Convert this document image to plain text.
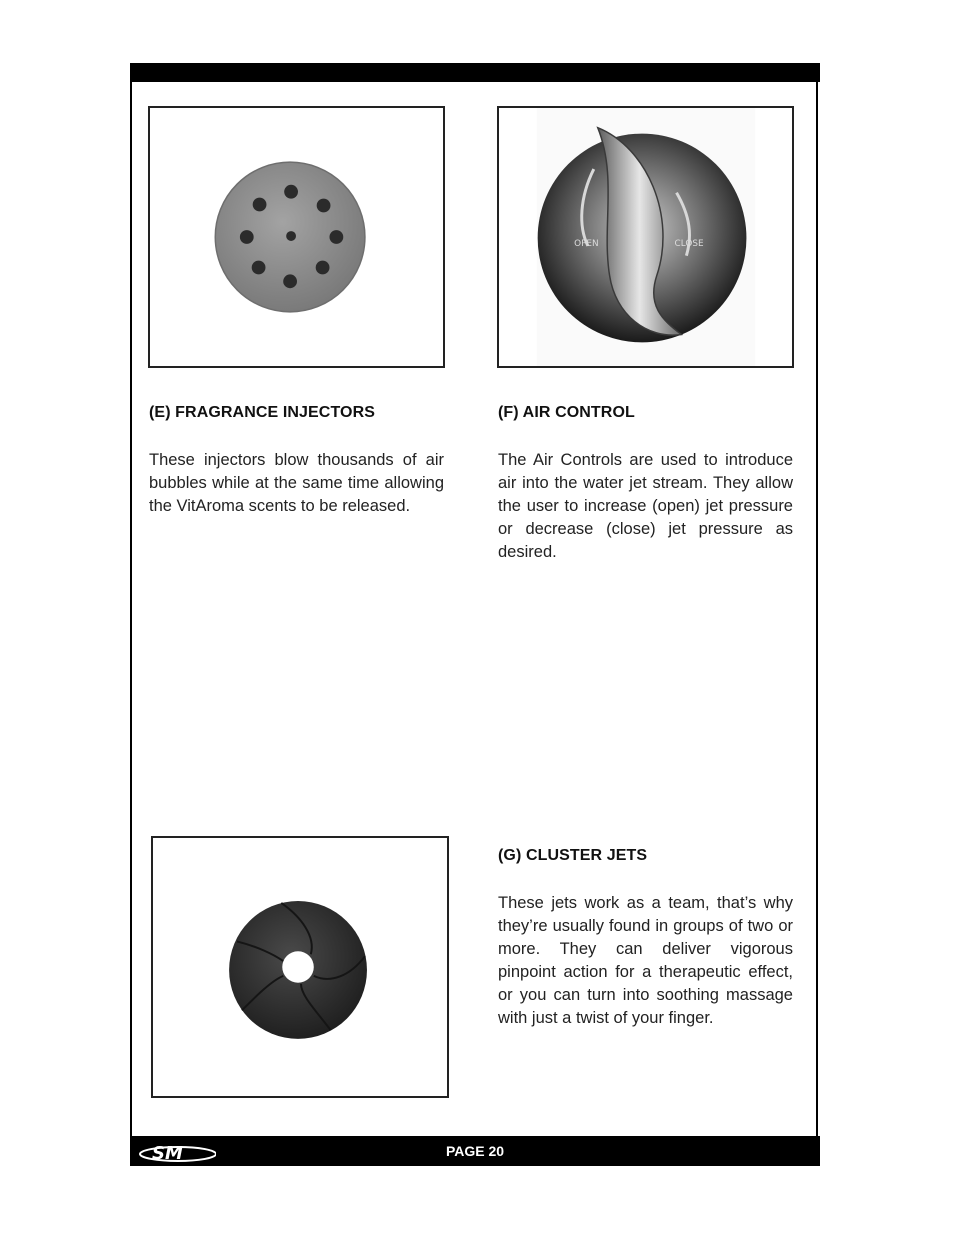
OPEN	CLOSE
(E) FRAGRANCE INJECTORS
These injectors blow thousands of air bubbles while at the same time allowing the VitAroma scents to be released.
(F) AIR CONTROL
The Air Controls are used to introduce air into the water jet stream. They allow the user to increase (open) jet pressure or decrease (close) jet pressure as desired.
(G) CLUSTER JETS
These jets work as a team, that’s why they’re usually found in groups of two or more. They can deliver vigorous pinpoint action for a therapeutic effect, or you can turn into soothing massage with just a twist of your finger.
SM	PAGE 20
